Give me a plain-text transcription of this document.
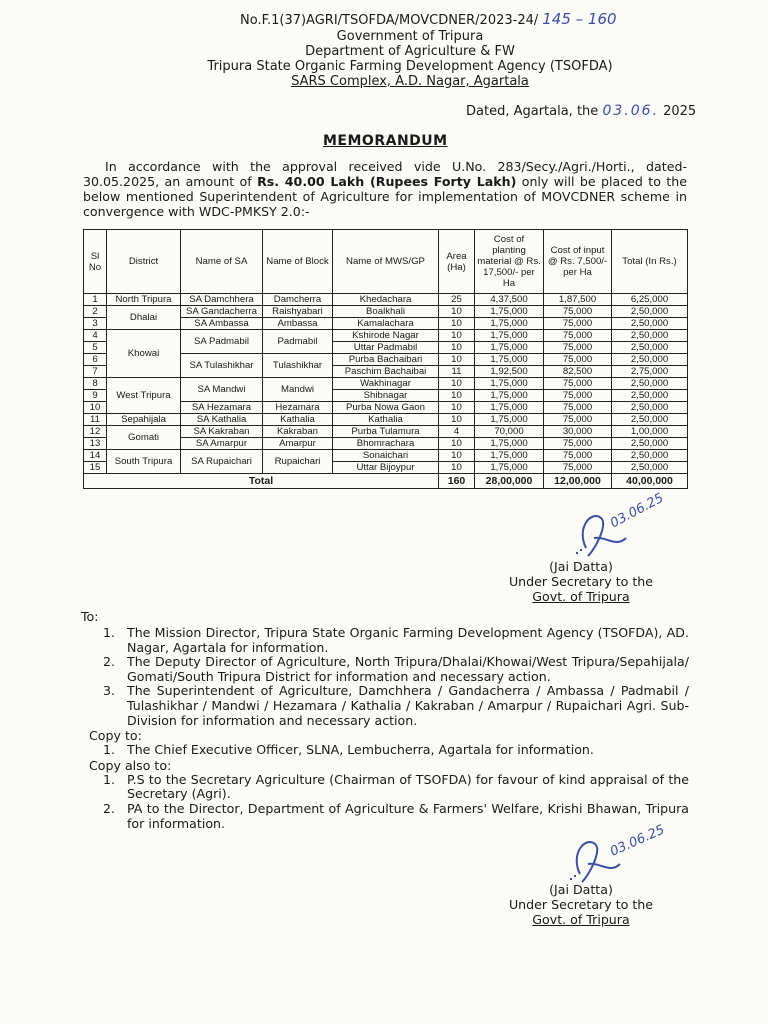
No.F.1(37)AGRI/TSOFDA/MOVCDNER/2023-24/ 145 – 160
Government of Tripura
Department of Agriculture & FW
Tripura State Organic Farming Development Agency (TSOFDA)
SARS Complex, A.D. Nagar, Agartala
Dated, Agartala, the 03.06. 2025
MEMORANDUM
In accordance with the approval received vide U.No. 283/Secy./Agri./Horti., dated-30.05.2025, an amount of Rs. 40.00 Lakh (Rupees Forty Lakh) only will be placed to the below mentioned Superintendent of Agriculture for implementation of MOVCDNER scheme in convergence with WDC-PMKSY 2.0:-
Sl No	District	Name of SA	Name of Block	Name of MWS/GP	Area (Ha)	Cost of planting material @ Rs. 17,500/- per Ha	Cost of input @ Rs. 7,500/- per Ha	Total (In Rs.)
1	North Tripura	SA Damchhera	Damcherra	Khedachara	25	4,37,500	1,87,500	6,25,000
2	Dhalai	SA Gandacherra	Raishyabari	Boalkhali	10	1,75,000	75,000	2,50,000
3		SA Ambassa	Ambassa	Kamalachara	10	1,75,000	75,000	2,50,000
4	Khowai	SA Padmabil	Padmabil	Kshirode Nagar	10	1,75,000	75,000	2,50,000
5				Uttar Padmabil	10	1,75,000	75,000	2,50,000
6		SA Tulashikhar	Tulashikhar	Purba Bachaibari	10	1,75,000	75,000	2,50,000
7				Paschim Bachaibai	11	1,92,500	82,500	2,75,000
8	West Tripura	SA Mandwi	Mandwi	Wakhinagar	10	1,75,000	75,000	2,50,000
9				Shibnagar	10	1,75,000	75,000	2,50,000
10		SA Hezamara	Hezamara	Purba Nowa Gaon	10	1,75,000	75,000	2,50,000
11	Sepahijala	SA Kathalia	Kathalia	Kathalia	10	1,75,000	75,000	2,50,000
12	Gomati	SA Kakraban	Kakraban	Purba Tulamura	4	70,000	30,000	1,00,000
13		SA Amarpur	Amarpur	Bhomrachara	10	1,75,000	75,000	2,50,000
14	South Tripura	SA Rupaichari	Rupaichari	Sonaichari	10	1,75,000	75,000	2,50,000
15				Uttar Bijoypur	10	1,75,000	75,000	2,50,000
Total					160	28,00,000	12,00,000	40,00,000
03.06.25
(Jai Datta)
Under Secretary to the
Govt. of Tripura
To:
1. The Mission Director, Tripura State Organic Farming Development Agency (TSOFDA), AD. Nagar, Agartala for information.
2. The Deputy Director of Agriculture, North Tripura/Dhalai/Khowai/West Tripura/Sepahijala/ Gomati/South Tripura District for information and necessary action.
3. The Superintendent of Agriculture, Damchhera / Gandacherra / Ambassa / Padmabil / Tulashikhar / Mandwi / Hezamara / Kathalia / Kakraban / Amarpur / Rupaichari Agri. Sub-Division for information and necessary action.
Copy to:
1. The Chief Executive Officer, SLNA, Lembucherra, Agartala for information.
Copy also to:
1. P.S to the Secretary Agriculture (Chairman of TSOFDA) for favour of kind appraisal of the Secretary (Agri).
2. PA to the Director, Department of Agriculture & Farmers' Welfare, Krishi Bhawan, Tripura for information.	03.06.25
(Jai Datta)
Under Secretary to the
Govt. of Tripura
